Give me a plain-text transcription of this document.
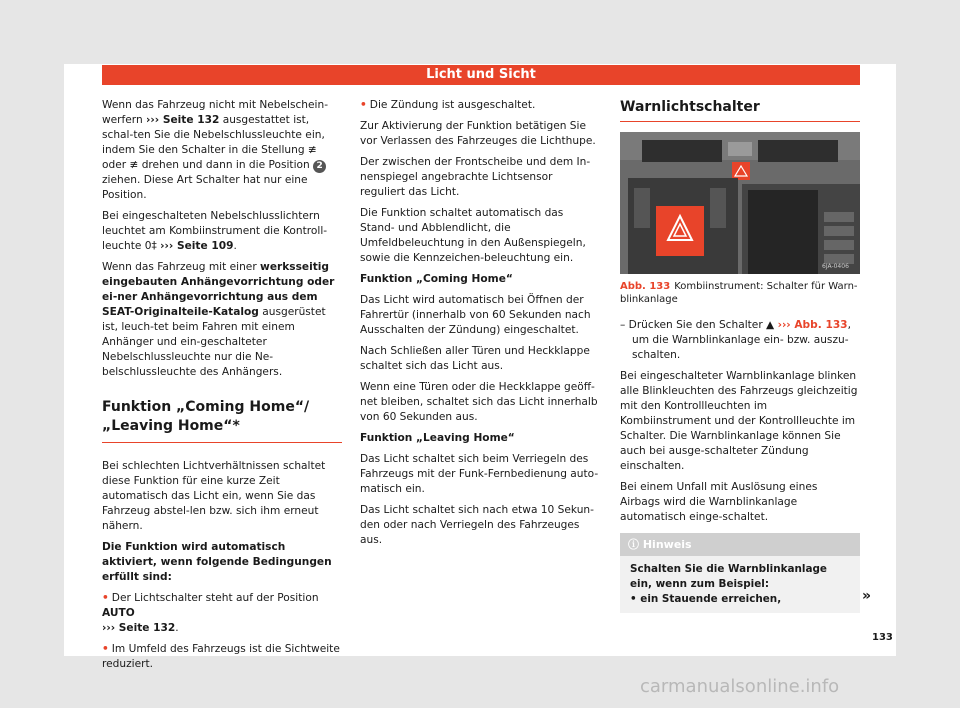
Licht und Sicht

Wenn das Fahrzeug nicht mit Nebelschein-werfern ››› Seite 132 ausgestattet ist, schal-ten Sie die Nebelschlussleuchte ein, indem Sie den Schalter in die Stellung ≢ oder ≢ drehen und dann in die Position 2 ziehen. Diese Art Schalter hat nur eine Position.

Bei eingeschalteten Nebelschlusslichtern leuchtet am Kombiinstrument die Kontroll-leuchte 0‡ ››› Seite 109.

Wenn das Fahrzeug mit einer werksseitig eingebauten Anhängevorrichtung oder ei-ner Anhängevorrichtung aus dem SEAT-Originalteile-Katalog ausgerüstet ist, leuch-tet beim Fahren mit einem Anhänger und ein-geschalteter Nebelschlussleuchte nur die Ne-belschlussleuchte des Anhängers.

Funktion „Coming Home“/„Leaving Home“*

Bei schlechten Lichtverhältnissen schaltet diese Funktion für eine kurze Zeit automatisch das Licht ein, wenn Sie das Fahrzeug abstel-len bzw. sich ihm erneut nähern.

Die Funktion wird automatisch aktiviert, wenn folgende Bedingungen erfüllt sind:

• Der Lichtschalter steht auf der Position AUTO
››› Seite 132.

• Im Umfeld des Fahrzeugs ist die Sichtweite reduziert.

• Die Zündung ist ausgeschaltet.

Zur Aktivierung der Funktion betätigen Sie vor Verlassen des Fahrzeuges die Lichthupe.

Der zwischen der Frontscheibe und dem In-nenspiegel angebrachte Lichtsensor reguliert das Licht.

Die Funktion schaltet automatisch das Stand- und Abblendlicht, die Umfeldbeleuchtung in den Außenspiegeln, sowie die Kennzeichen-beleuchtung ein.

Funktion „Coming Home“

Das Licht wird automatisch bei Öffnen der Fahrertür (innerhalb von 60 Sekunden nach Ausschalten der Zündung) eingeschaltet.

Nach Schließen aller Türen und Heckklappe schaltet sich das Licht aus.

Wenn eine Türen oder die Heckklappe geöff-net bleiben, schaltet sich das Licht innerhalb von 60 Sekunden aus.

Funktion „Leaving Home“

Das Licht schaltet sich beim Verriegeln des Fahrzeugs mit der Funk-Fernbedienung auto-matisch ein.

Das Licht schaltet sich nach etwa 10 Sekun-den oder nach Verriegeln des Fahrzeuges aus.

Warnlichtschalter
6JA-0406
Abb. 133 Kombiinstrument: Schalter für Warn-blinkanlage

– Drücken Sie den Schalter ▲ ››› Abb. 133, um die Warnblinkanlage ein- bzw. auszu-schalten.

Bei eingeschalteter Warnblinkanlage blinken alle Blinkleuchten des Fahrzeugs gleichzeitig mit den Kontrollleuchten im Kombiinstrument und der Kontrollleuchte im Schalter. Die Warnblinkanlage können Sie auch bei ausge-schalteter Zündung einschalten.

Bei einem Unfall mit Auslösung eines Airbags wird die Warnblinkanlage automatisch einge-schaltet.

ⓘ Hinweis
Schalten Sie die Warnblinkanlage ein, wenn zum Beispiel:
• ein Stauende erreichen,	»
133
carmanualsonline.info
